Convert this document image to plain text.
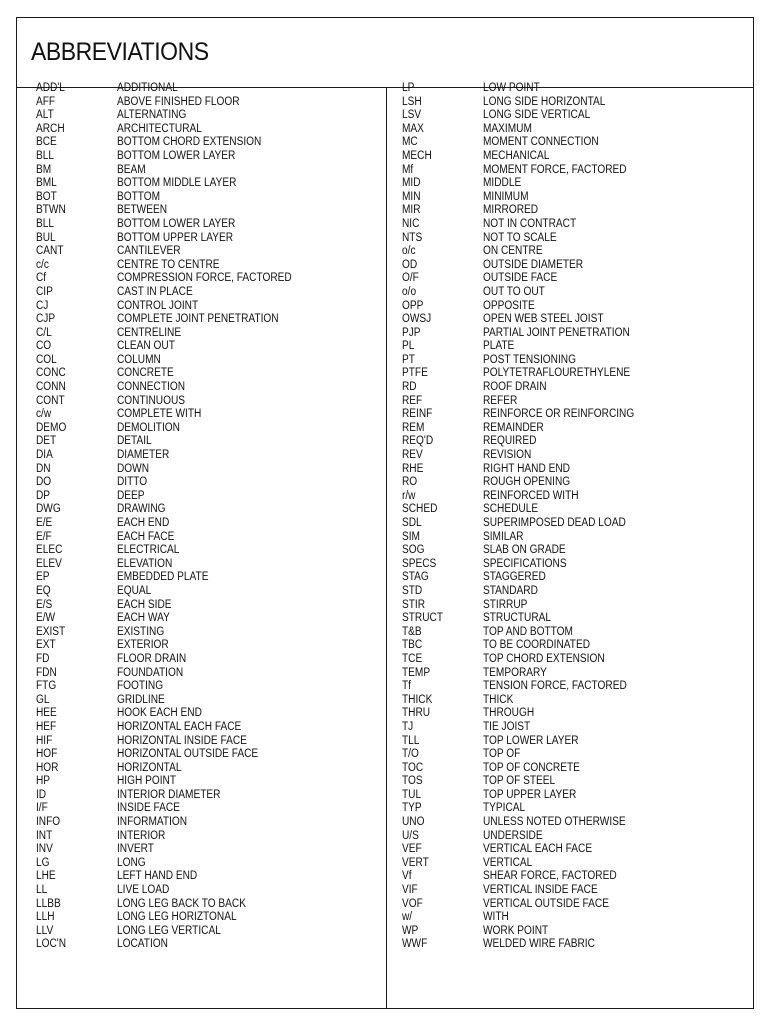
ABBREVIATIONS
ADD'L	ADDITIONAL
AFF	ABOVE FINISHED FLOOR
ALT	ALTERNATING
ARCH	ARCHITECTURAL
BCE	BOTTOM CHORD EXTENSION
BLL	BOTTOM LOWER LAYER
BM	BEAM
BML	BOTTOM MIDDLE LAYER
BOT	BOTTOM
BTWN	BETWEEN
BLL	BOTTOM LOWER LAYER
BUL	BOTTOM UPPER LAYER
CANT	CANTILEVER
c/c	CENTRE TO CENTRE
Cf	COMPRESSION FORCE, FACTORED
CIP	CAST IN PLACE
CJ	CONTROL JOINT
CJP	COMPLETE JOINT PENETRATION
C/L	CENTRELINE
CO	CLEAN OUT
COL	COLUMN
CONC	CONCRETE
CONN	CONNECTION
CONT	CONTINUOUS
c/w	COMPLETE WITH
DEMO	DEMOLITION
DET	DETAIL
DIA	DIAMETER
DN	DOWN
DO	DITTO
DP	DEEP
DWG	DRAWING
E/E	EACH END
E/F	EACH FACE
ELEC	ELECTRICAL
ELEV	ELEVATION
EP	EMBEDDED PLATE
EQ	EQUAL
E/S	EACH SIDE
E/W	EACH WAY
EXIST	EXISTING
EXT	EXTERIOR
FD	FLOOR DRAIN
FDN	FOUNDATION
FTG	FOOTING
GL	GRIDLINE
HEE	HOOK EACH END
HEF	HORIZONTAL EACH FACE
HIF	HORIZONTAL INSIDE FACE
HOF	HORIZONTAL OUTSIDE FACE
HOR	HORIZONTAL
HP	HIGH POINT
ID	INTERIOR DIAMETER
I/F	INSIDE FACE
INFO	INFORMATION
INT	INTERIOR
INV	INVERT
LG	LONG
LHE	LEFT HAND END
LL	LIVE LOAD
LLBB	LONG LEG BACK TO BACK
LLH	LONG LEG HORIZTONAL
LLV	LONG LEG VERTICAL
LOC'N	LOCATION
LP	LOW POINT
LSH	LONG SIDE HORIZONTAL
LSV	LONG SIDE VERTICAL
MAX	MAXIMUM
MC	MOMENT CONNECTION
MECH	MECHANICAL
Mf	MOMENT FORCE, FACTORED
MID	MIDDLE
MIN	MINIMUM
MIR	MIRRORED
NIC	NOT IN CONTRACT
NTS	NOT TO SCALE
o/c	ON CENTRE
OD	OUTSIDE DIAMETER
O/F	OUTSIDE FACE
o/o	OUT TO OUT
OPP	OPPOSITE
OWSJ	OPEN WEB STEEL JOIST
PJP	PARTIAL JOINT PENETRATION
PL	PLATE
PT	POST TENSIONING
PTFE	POLYTETRAFLOURETHYLENE
RD	ROOF DRAIN
REF	REFER
REINF	REINFORCE OR REINFORCING
REM	REMAINDER
REQ'D	REQUIRED
REV	REVISION
RHE	RIGHT HAND END
RO	ROUGH OPENING
r/w	REINFORCED WITH
SCHED	SCHEDULE
SDL	SUPERIMPOSED DEAD LOAD
SIM	SIMILAR
SOG	SLAB ON GRADE
SPECS	SPECIFICATIONS
STAG	STAGGERED
STD	STANDARD
STIR	STIRRUP
STRUCT	STRUCTURAL
T&B	TOP AND BOTTOM
TBC	TO BE COORDINATED
TCE	TOP CHORD EXTENSION
TEMP	TEMPORARY
Tf	TENSION FORCE, FACTORED
THICK	THICK
THRU	THROUGH
TJ	TIE JOIST
TLL	TOP LOWER LAYER
T/O	TOP OF
TOC	TOP OF CONCRETE
TOS	TOP OF STEEL
TUL	TOP UPPER LAYER
TYP	TYPICAL
UNO	UNLESS NOTED OTHERWISE
U/S	UNDERSIDE
VEF	VERTICAL EACH FACE
VERT	VERTICAL
Vf	SHEAR FORCE, FACTORED
VIF	VERTICAL INSIDE FACE
VOF	VERTICAL OUTSIDE FACE
w/	WITH
WP	WORK POINT
WWF	WELDED WIRE FABRIC
